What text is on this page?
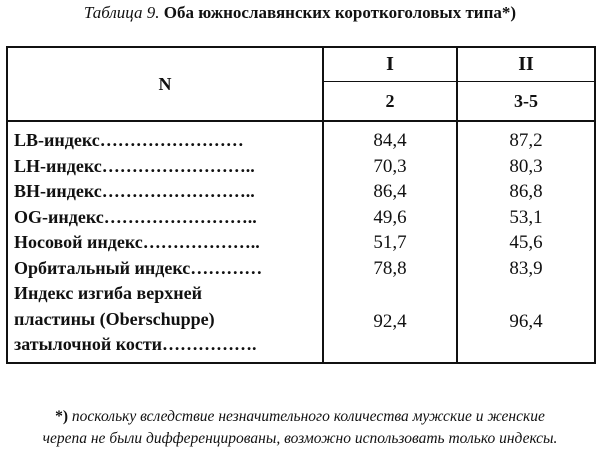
Таблица 9. Оба южнославянских короткоголовых типа*)
N	I	II
	2	3-5
LB-индекс……………………	84,4	87,2
LH-индекс……………………..	70,3	80,3
BH-индекс……………………..	86,4	86,8
OG-индекс……………………..	49,6	53,1
Носовой индекс………………..	51,7	45,6
Орбитальный индекс…………	78,8	83,9

Индекс изгиба верхней
пластины (Oberschuppe)
затылочной кости…………….	92,4	96,4
*) поскольку вследствие незначительного количества мужские и женские
черепа не были дифференцированы, возможно использовать только индексы.
